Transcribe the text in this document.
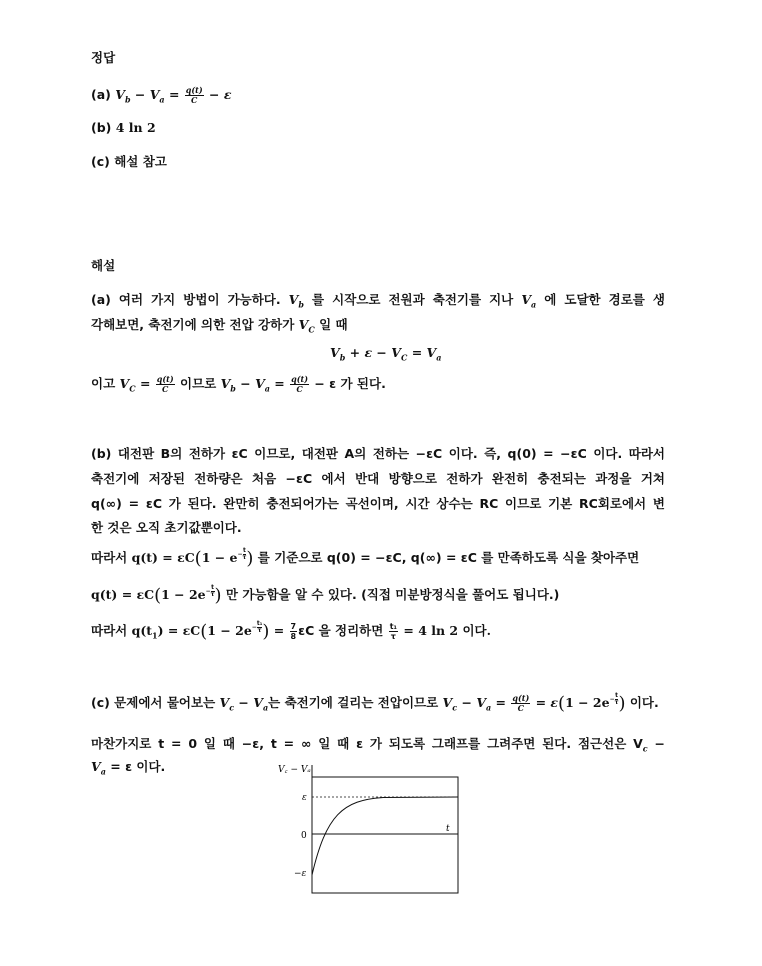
정답
(a) $V_b - V_a = \frac{q(t)}{C} - \varepsilon$
(b) 4 ln 2
(c) 해설 참고
해설
(a) 여러 가지 방법이 가능하다. $V_b$ 를 시작으로 전원과 축전기를 지나 $V_a$ 에 도달한 경로를 생
각해보면, 축전기에 의한 전압 강하가 $V_C$ 일 때
$V_b + \varepsilon - V_C = V_a$
이고 $V_C = \frac{q(t)}{C}$ 이므로 $V_b - V_a = \frac{q(t)}{C} - \varepsilon$ 가 된다.
(b) 대전판 B의 전하가 εC 이므로, 대전판 A의 전하는 −εC 이다. 즉, q(0) = −εC 이다. 따라서
축전기에 저장된 전하량은 처음 −εC 에서 반대 방향으로 전하가 완전히 충전되는 과정을 거쳐
q(∞) = εC 가 된다. 완만히 충전되어가는 곡선이며, 시간 상수는 RC 이므로 기본 RC회로에서 변
한 것은 오직 초기값뿐이다.
따라서 $q(t) = \varepsilon C(1 - e- \frac{t}{\tau})$ 를 기준으로 q(0) = −εC, q(∞) = εC 를 만족하도록 식을 찾아주면
$q(t) = \varepsilon C(1 - 2e- \frac{t}{\tau})$ 만 가능함을 알 수 있다. (직접 미분방정식을 풀어도 됩니다.)
따라서 $q(t_1) = \varepsilon C(1 - 2e- \frac{\text{t₁}}{\tau}) = \frac{7}{8}$ εC 을 정리하면 $\frac{\text{t₁}}{\tau} = 4$ ln 2 이다.
(c) 문제에서 물어보는 $V_c - V_a$는 축전기에 걸리는 전압이므로 $V_c - V_a = \frac{q(t)}{C} = \varepsilon(1 - 2e- \frac{t}{\tau})$ 이다.
마찬가지로 t = 0 일 때 −ε, t = ∞ 일 때 ε 가 되도록 그래프를 그려주면 된다. 점근선은 $V_c$ −
$V_a = \varepsilon$ 이다.	V꜀ − Vₐ
ε
0
−ε
t
